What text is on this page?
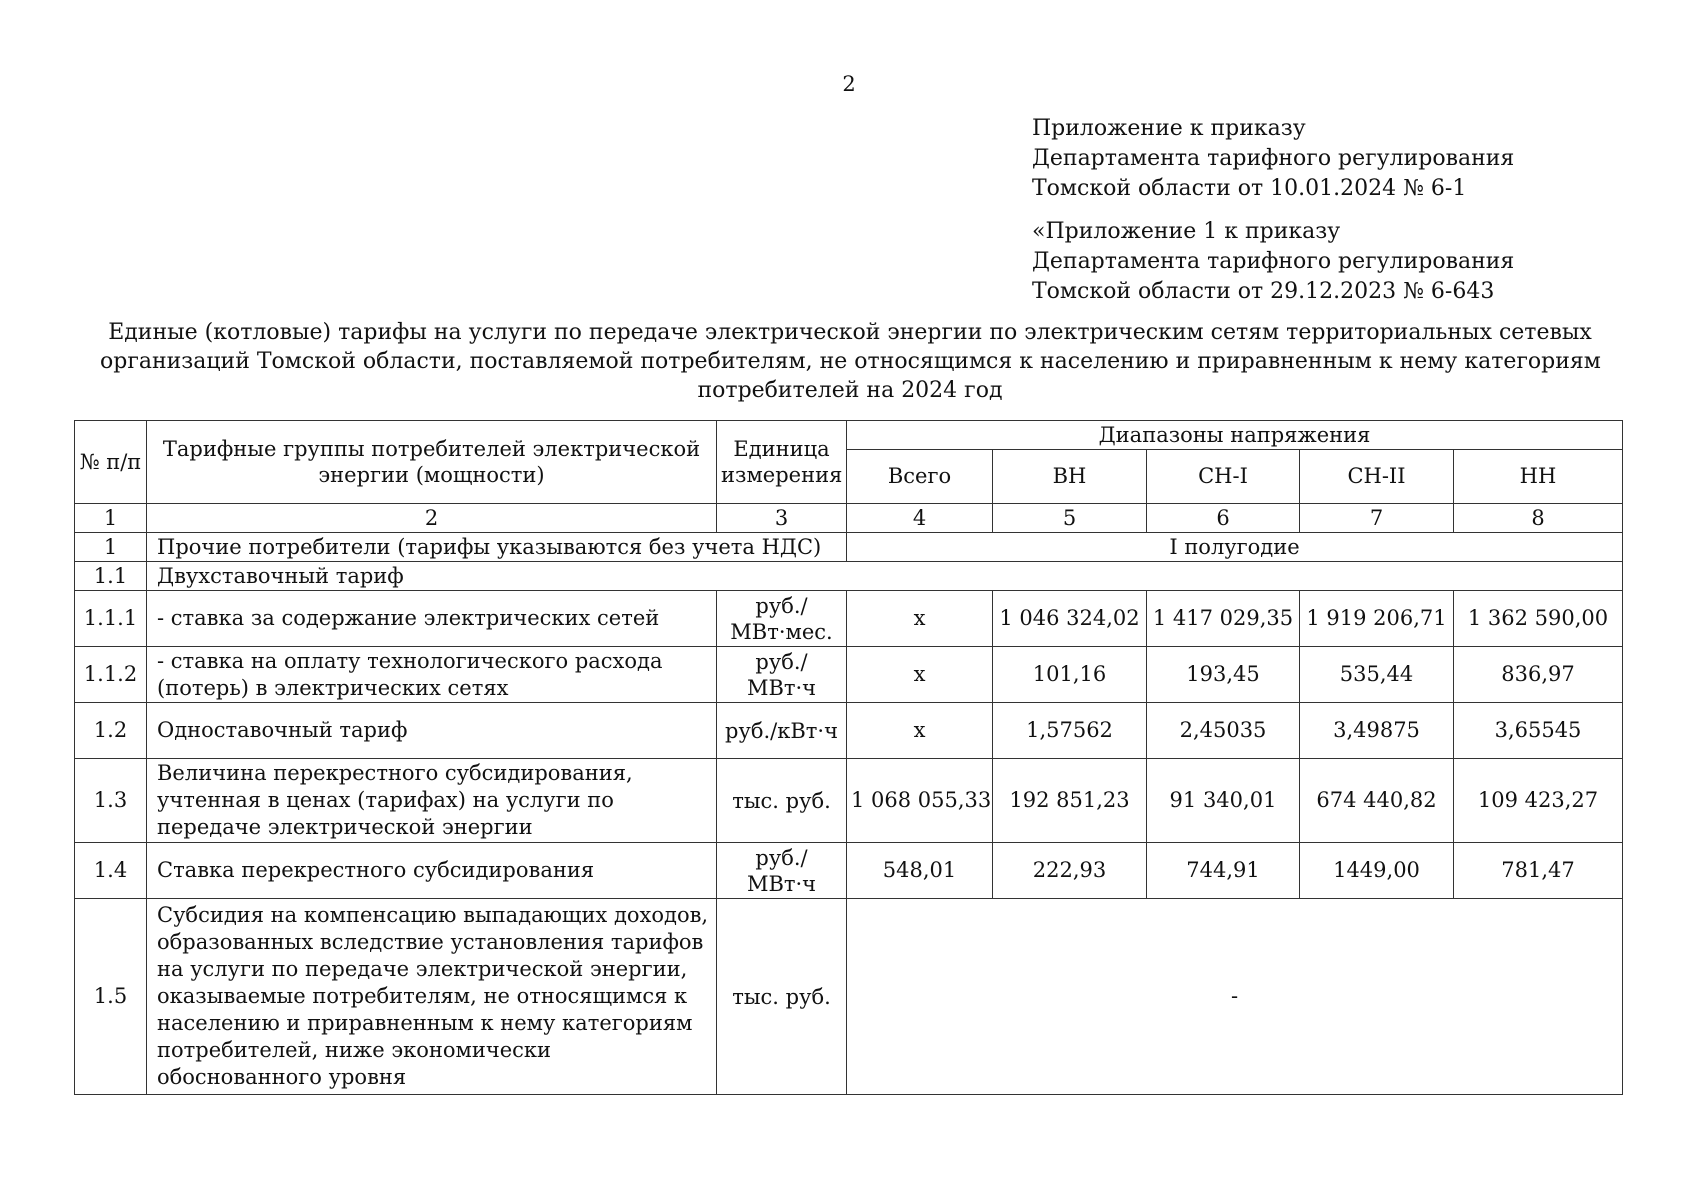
2
Приложение к приказу
Департамента тарифного регулирования
Томской области от 10.01.2024 № 6-1
«Приложение 1 к приказу
Департамента тарифного регулирования
Томской области от 29.12.2023 № 6-643
Единые (котловые) тарифы на услуги по передаче электрической энергии по электрическим сетям территориальных сетевых
организаций Томской области, поставляемой потребителям, не относящимся к населению и приравненным к нему категориям
потребителей на 2024 год
№ п/п	Тарифные группы потребителей электрической энергии (мощности)	Единица измерения	Диапазоны напряжения				
			Всего	ВН	СН-I	СН-II	НН
1	2	3	4	5	6	7	8
1	Прочие потребители (тарифы указываются без учета НДС)		I полугодие				
1.1	Двухставочный тариф						
1.1.1	- ставка за содержание электрических сетей	руб./МВт·мес.	х	1 046 324,02	1 417 029,35	1 919 206,71	1 362 590,00
1.1.2	- ставка на оплату технологического расхода (потерь) в электрических сетях	руб./МВт·ч	х	101,16	193,45	535,44	836,97
1.2	Одноставочный тариф	руб./кВт·ч	х	1,57562	2,45035	3,49875	3,65545
1.3	Величина перекрестного субсидирования, учтенная в ценах (тарифах) на услуги по передаче электрической энергии	тыс. руб.	1 068 055,33	192 851,23	91 340,01	674 440,82	109 423,27
1.4	Ставка перекрестного субсидирования	руб./МВт·ч	548,01	222,93	744,91	1449,00	781,47
1.5	Субсидия на компенсацию выпадающих доходов, образованных вследствие установления тарифов на услуги по передаче электрической энергии, оказываемые потребителям, не относящимся к населению и приравненным к нему категориям потребителей, ниже экономически обоснованного уровня	тыс. руб.	-				
